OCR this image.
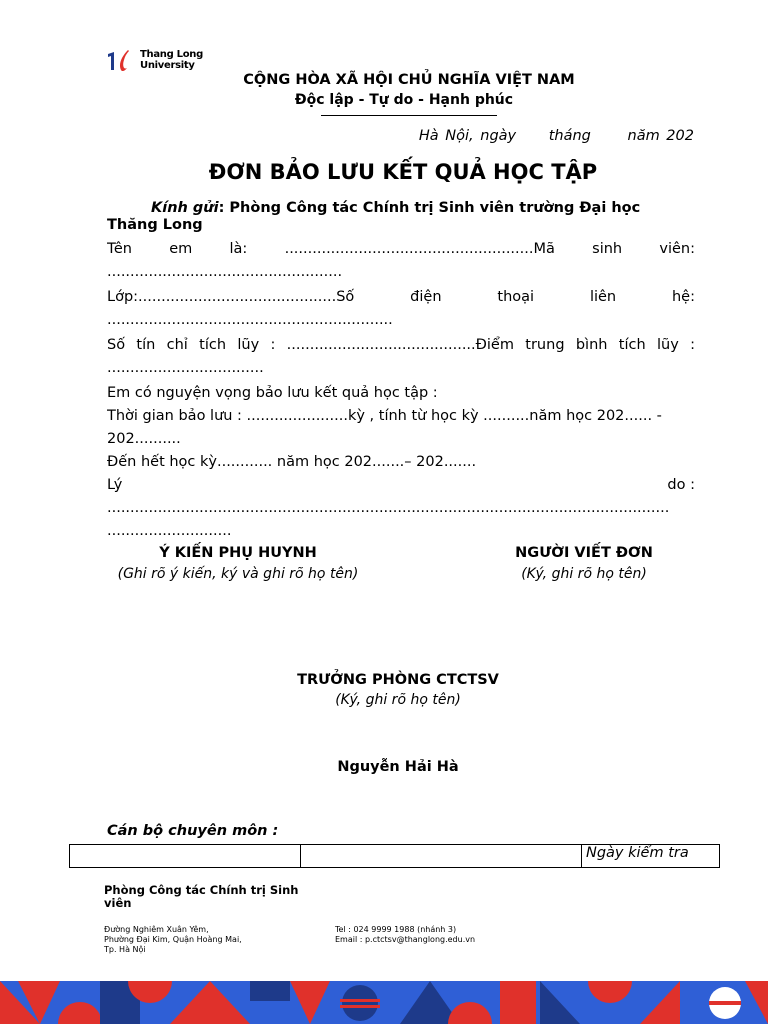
Thang Long
University
CỘNG HÒA XÃ HỘI CHỦ NGHĨA VIỆT NAM
Độc lập - Tự do - Hạnh phúc
Hà Nội, ngày tháng	năm 202
ĐƠN BẢO LƯU KẾT QUẢ HỌC TẬP
Kính gửi: Phòng Công tác Chính trị Sinh viên trường Đại học Thăng Long
Tên em là: ......................................................Mã sinh viên:
...................................................
Lớp:...........................................Số điện thoại liên hệ:
..............................................................
Số tín chỉ tích lũy : .........................................Điểm trung bình tích lũy :
..................................
Em có nguyện vọng bảo lưu kết quả học tập :
Thời gian bảo lưu : ......................kỳ , tính từ học kỳ ..........năm học 202...... -
202..........
Đến hết học kỳ............ năm học 202.......– 202.......
Lý	do :
..........................................................................................................................
...........................
Ý KIẾN PHỤ HUYNH
(Ghi rõ ý kiến, ký và ghi rõ họ tên)
NGƯỜI VIẾT ĐƠN
(Ký, ghi rõ họ tên)
TRƯỞNG PHÒNG CTCTSV
(Ký, ghi rõ họ tên)
Nguyễn Hải Hà
Cán bộ chuyên môn :
		Ngày kiểm tra
Phòng Công tác Chính trị Sinh viên
Đường Nghiêm Xuân Yêm,
Phường Đại Kim, Quận Hoàng Mai,
Tp. Hà Nội
Tel : 024 9999 1988 (nhánh 3)
Email : p.ctctsv@thanglong.edu.vn
